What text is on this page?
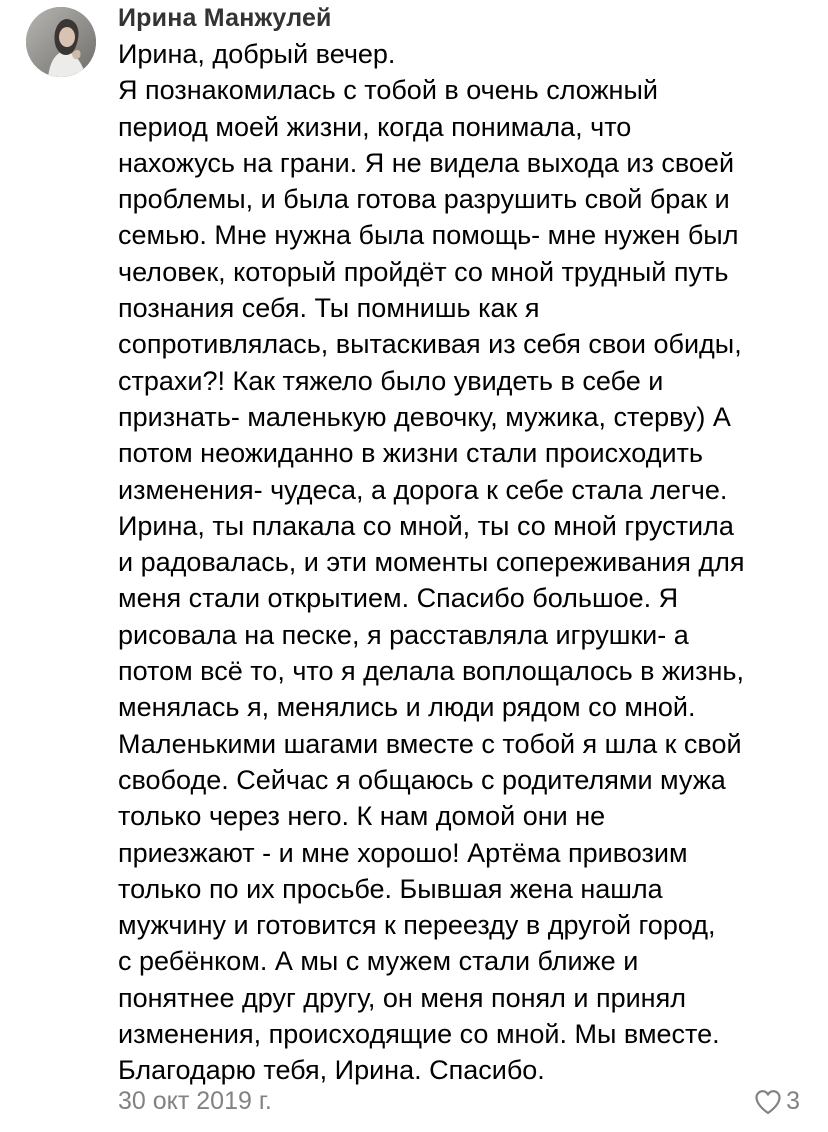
Ирина Манжулей
Ирина, добрый вечер.
Я познакомилась с тобой в очень сложный
период моей жизни, когда понимала, что
нахожусь на грани. Я не видела выхода из своей
проблемы, и была готова разрушить свой брак и
семью. Мне нужна была помощь- мне нужен был
человек, который пройдёт со мной трудный путь
познания себя. Ты помнишь как я
сопротивлялась, вытаскивая из себя свои обиды,
страхи?! Как тяжело было увидеть в себе и
признать- маленькую девочку, мужика, стерву) А
потом неожиданно в жизни стали происходить
изменения- чудеса, а дорога к себе стала легче.
Ирина, ты плакала со мной, ты со мной грустила
и радовалась, и эти моменты сопереживания для
меня стали открытием. Спасибо большое. Я
рисовала на песке, я расставляла игрушки- а
потом всё то, что я делала воплощалось в жизнь,
менялась я, менялись и люди рядом со мной.
Маленькими шагами вместе с тобой я шла к свой
свободе. Сейчас я общаюсь с родителями мужа
только через него. К нам домой они не
приезжают - и мне хорошо! Артёма привозим
только по их просьбе. Бывшая жена нашла
мужчину и готовится к переезду в другой город,
с ребёнком. А мы с мужем стали ближе и
понятнее друг другу, он меня понял и принял
изменения, происходящие со мной. Мы вместе.
Благодарю тебя, Ирина. Спасибо.
30 окт 2019 г.	3
